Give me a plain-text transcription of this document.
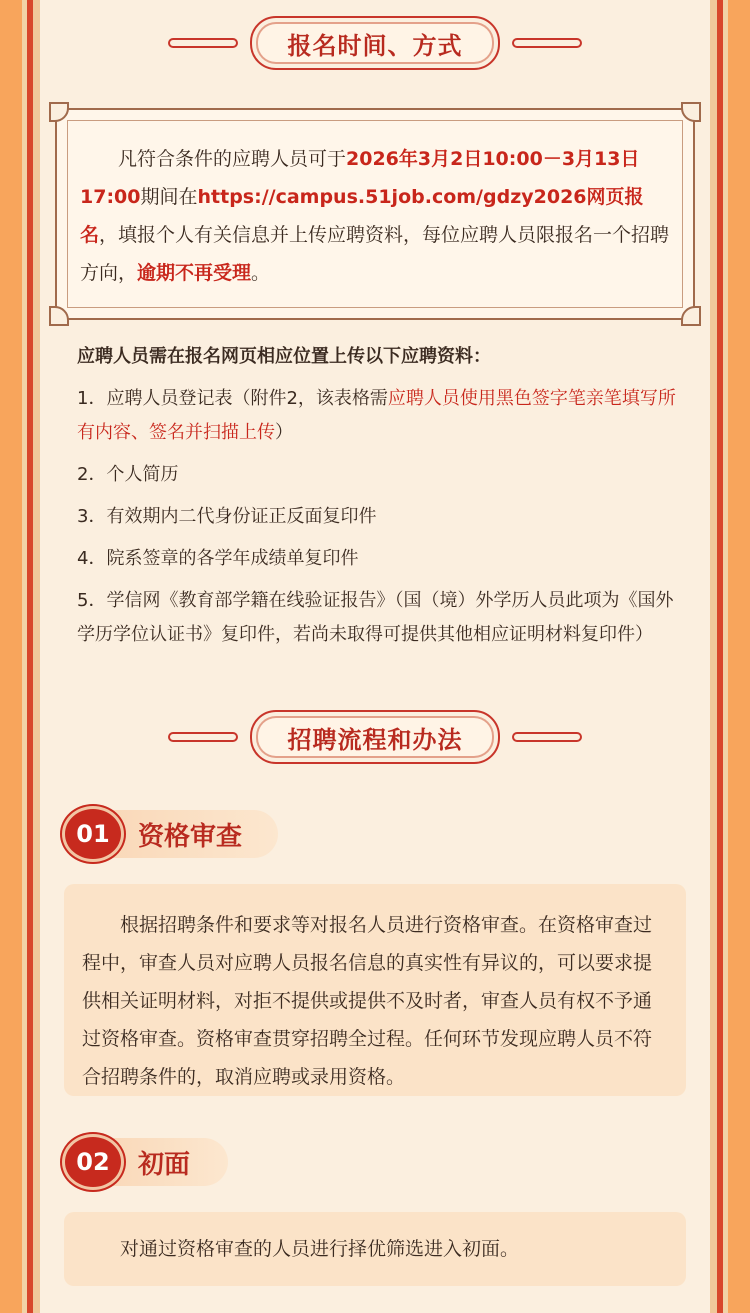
报名时间、方式
凡符合条件的应聘人员可于2026年3月2日10:00－3月13日17:00期间在https://campus.51job.com/gdzy2026网页报名，填报个人有关信息并上传应聘资料，每位应聘人员限报名一个招聘方向，逾期不再受理。
应聘人员需在报名网页相应位置上传以下应聘资料：
1．应聘人员登记表（附件2，该表格需应聘人员使用黑色签字笔亲笔填写所有内容、签名并扫描上传）
2．个人简历
3．有效期内二代身份证正反面复印件
4．院系签章的各学年成绩单复印件
5．学信网《教育部学籍在线验证报告》（国（境）外学历人员此项为《国外学历学位认证书》复印件，若尚未取得可提供其他相应证明材料复印件）
招聘流程和办法
资格审查
01

根据招聘条件和要求等对报名人员进行资格审查。在资格审查过程中，审查人员对应聘人员报名信息的真实性有异议的，可以要求提供相关证明材料，对拒不提供或提供不及时者，审查人员有权不予通过资格审查。资格审查贯穿招聘全过程。任何环节发现应聘人员不符合招聘条件的，取消应聘或录用资格。

初面
02

对通过资格审查的人员进行择优筛选进入初面。
